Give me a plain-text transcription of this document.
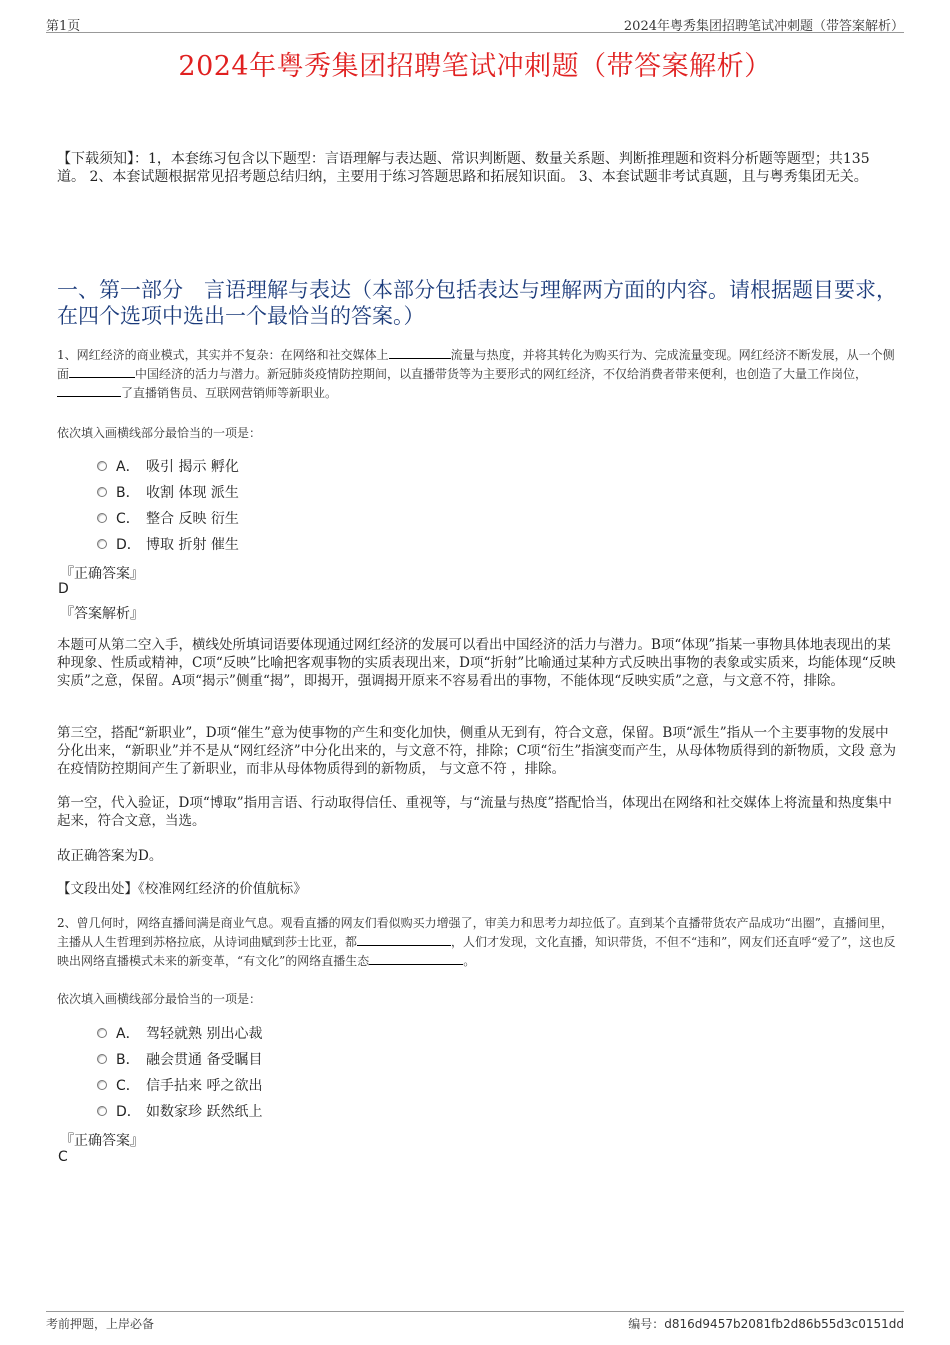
第1页	2024年粤秀集团招聘笔试冲刺题（带答案解析）
2024年粤秀集团招聘笔试冲刺题（带答案解析）
【下载须知】：1，本套练习包含以下题型：言语理解与表达题、常识判断题、数量关系题、判断推理题和资料分析题等题型；共135道。 2、本套试题根据常见招考题总结归纳，主要用于练习答题思路和拓展知识面。 3、本套试题非考试真题，且与粤秀集团无关。
一、第一部分　言语理解与表达（本部分包括表达与理解两方面的内容。请根据题目要求，在四个选项中选出一个最恰当的答案。）
1、网红经济的商业模式，其实并不复杂：在网络和社交媒体上	流量与热度，并将其转化为购买行为、完成流量变现。网红经济不断发展，从一个侧面	中国经济的活力与潜力。新冠肺炎疫情防控期间，以直播带货等为主要形式的网红经济，不仅给消费者带来便利，也创造了大量工作岗位，了直播销售员、互联网营销师等新职业。
依次填入画横线部分最恰当的一项是：
A． 吸引 揭示 孵化
B． 收割 体现 派生
C． 整合 反映 衍生
D． 博取 折射 催生
『正确答案』
D
『答案解析』

本题可从第二空入手，横线处所填词语要体现通过网红经济的发展可以看出中国经济的活力与潜力。B项“体现”指某一事物具体地表现出的某种现象、性质或精神，C项“反映”比喻把客观事物的实质表现出来，D项“折射”比喻通过某种方式反映出事物的表象或实质来，均能体现“反映实质”之意，保留。A项“揭示”侧重“揭”，即揭开，强调揭开原来不容易看出的事物，不能体现“反映实质”之意，与文意不符，排除。

第三空，搭配“新职业”，D项“催生”意为使事物的产生和变化加快，侧重从无到有，符合文意，保留。B项“派生”指从一个主要事物的发展中分化出来，“新职业”并不是从“网红经济”中分化出来的，与文意不符，排除；C项“衍生”指演变而产生，从母体物质得到的新物质，文段 意为 在疫情防控期间产生了新职业，而非从母体物质得到的新物质， 与文意不符 ，排除。

第一空，代入验证，D项“博取”指用言语、行动取得信任、重视等，与“流量与热度”搭配恰当，体现出在网络和社交媒体上将流量和热度集中起来，符合文意，当选。

故正确答案为D。

【文段出处】《校准网红经济的价值航标》

2、曾几何时，网络直播间满是商业气息。观看直播的网友们看似购买力增强了，审美力和思考力却拉低了。直到某个直播带货农产品成功“出圈”，直播间里，主播从人生哲理到苏格拉底，从诗词曲赋到莎士比亚，都	，人们才发现，文化直播，知识带货，不但不“违和”，网友们还直呼“爱了”，这也反映出网络直播模式未来的新变革，“有文化”的网络直播生态	。
依次填入画横线部分最恰当的一项是：
A． 驾轻就熟 别出心裁
B． 融会贯通 备受瞩目
C． 信手拈来 呼之欲出
D． 如数家珍 跃然纸上
『正确答案』
C
考前押题，上岸必备	编号：d816d9457b2081fb2d86b55d3c0151dd
